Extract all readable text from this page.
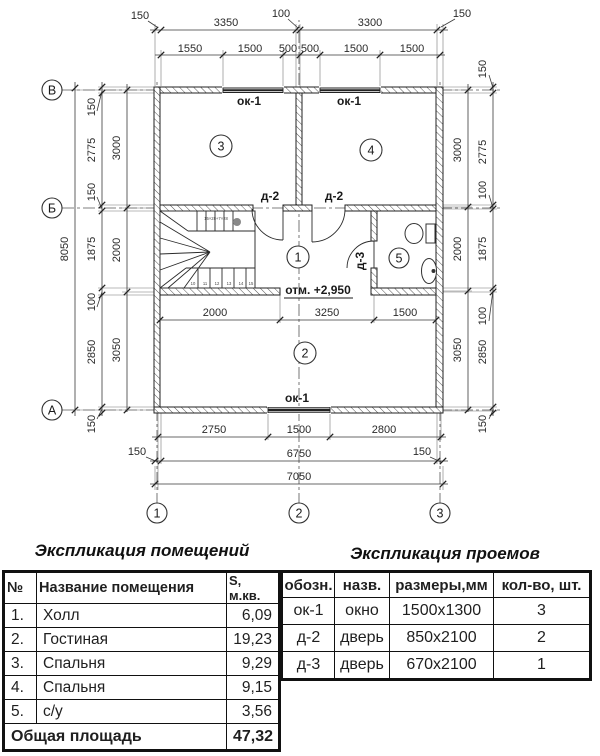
15×28+7×28
10 11 12 13 14 15
150
3350
100
3300
150
1550	1500 500 500 1500	1500
8050
150
2775
150
1875
100
2850
150
3000
2000
3050
3000
2000
3050
150
2775
100
1875
100
2850
150
2000	3250	1500
2750	1500	2800
150	6750	150
7050
ок-1	ок-1
ок-1
д-2	д-2
д-3
отм. +2,950
1
2
3	4
5
В
Б
А
1	2	3
Экспликация помещений
№	Название помещения	S, м.кв.
1.	Холл	6,09
2.	Гостиная	19,23
3.	Спальня	9,29
4.	Спальня	9,15
5.	с/у	3,56
Общая площадь		47,32
Экспликация проемов
обозн.	назв.	размеры,мм	кол-во, шт.
ок-1	окно	1500х1300	3
д-2	дверь	850х2100	2
д-3	дверь	670х2100	1
